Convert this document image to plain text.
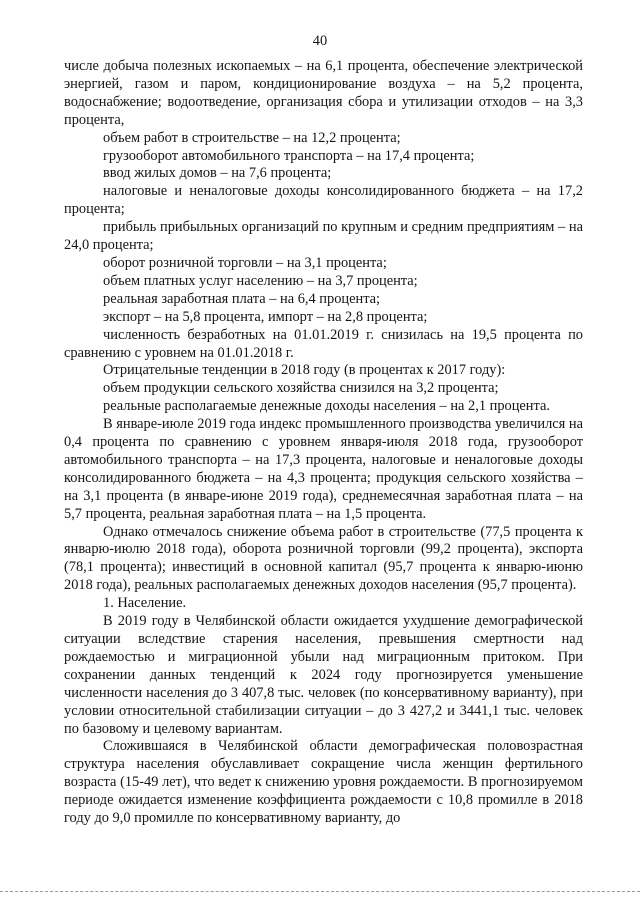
40

числе добыча полезных ископаемых – на 6,1 процента, обеспечение электрической энергией, газом и паром, кондиционирование воздуха – на 5,2 процента, водоснабжение; водоотведение, организация сбора и утилизации отходов – на 3,3 процента,

объем работ в строительстве – на 12,2 процента;

грузооборот автомобильного транспорта – на 17,4 процента;

ввод жилых домов – на 7,6 процента;

налоговые и неналоговые доходы консолидированного бюджета – на 17,2 процента;

прибыль прибыльных организаций по крупным и средним предприятиям – на 24,0 процента;

оборот розничной торговли – на 3,1 процента;

объем платных услуг населению – на 3,7 процента;

реальная заработная плата – на 6,4 процента;

экспорт – на 5,8 процента, импорт – на 2,8 процента;

численность безработных на 01.01.2019 г. снизилась на 19,5 процента по сравнению с уровнем на 01.01.2018 г.

Отрицательные тенденции в 2018 году (в процентах к 2017 году):

объем продукции сельского хозяйства снизился на 3,2 процента;

реальные располагаемые денежные доходы населения – на 2,1 процента.

В январе-июле 2019 года индекс промышленного производства увеличился на 0,4 процента по сравнению с уровнем января-июля 2018 года, грузооборот автомобильного транспорта – на 17,3 процента, налоговые и неналоговые доходы консолидированного бюджета – на 4,3 процента; продукция сельского хозяйства – на 3,1 процента (в январе-июне 2019 года), среднемесячная заработная плата – на 5,7 процента, реальная заработная плата – на 1,5 процента.

Однако отмечалось снижение объема работ в строительстве (77,5 процента к январю-июлю 2018 года), оборота розничной торговли (99,2 процента), экспорта (78,1 процента); инвестиций в основной капитал (95,7 процента к январю-июню 2018 года), реальных располагаемых денежных доходов населения (95,7 процента).

1. Население.

В 2019 году в Челябинской области ожидается ухудшение демографической ситуации вследствие старения населения, превышения смертности над рождаемостью и миграционной убыли над миграционным притоком. При сохранении данных тенденций к 2024 году прогнозируется уменьшение численности населения до 3 407,8 тыс. человек (по консервативному варианту), при условии относительной стабилизации ситуации – до 3 427,2 и 3441,1 тыс. человек по базовому и целевому вариантам.

Сложившаяся в Челябинской области демографическая половозрастная структура населения обуславливает сокращение числа женщин фертильного возраста (15-49 лет), что ведет к снижению уровня рождаемости. В прогнозируемом периоде ожидается изменение коэффициента рождаемости с 10,8 промилле в 2018 году до 9,0 промилле по консервативному варианту, до
